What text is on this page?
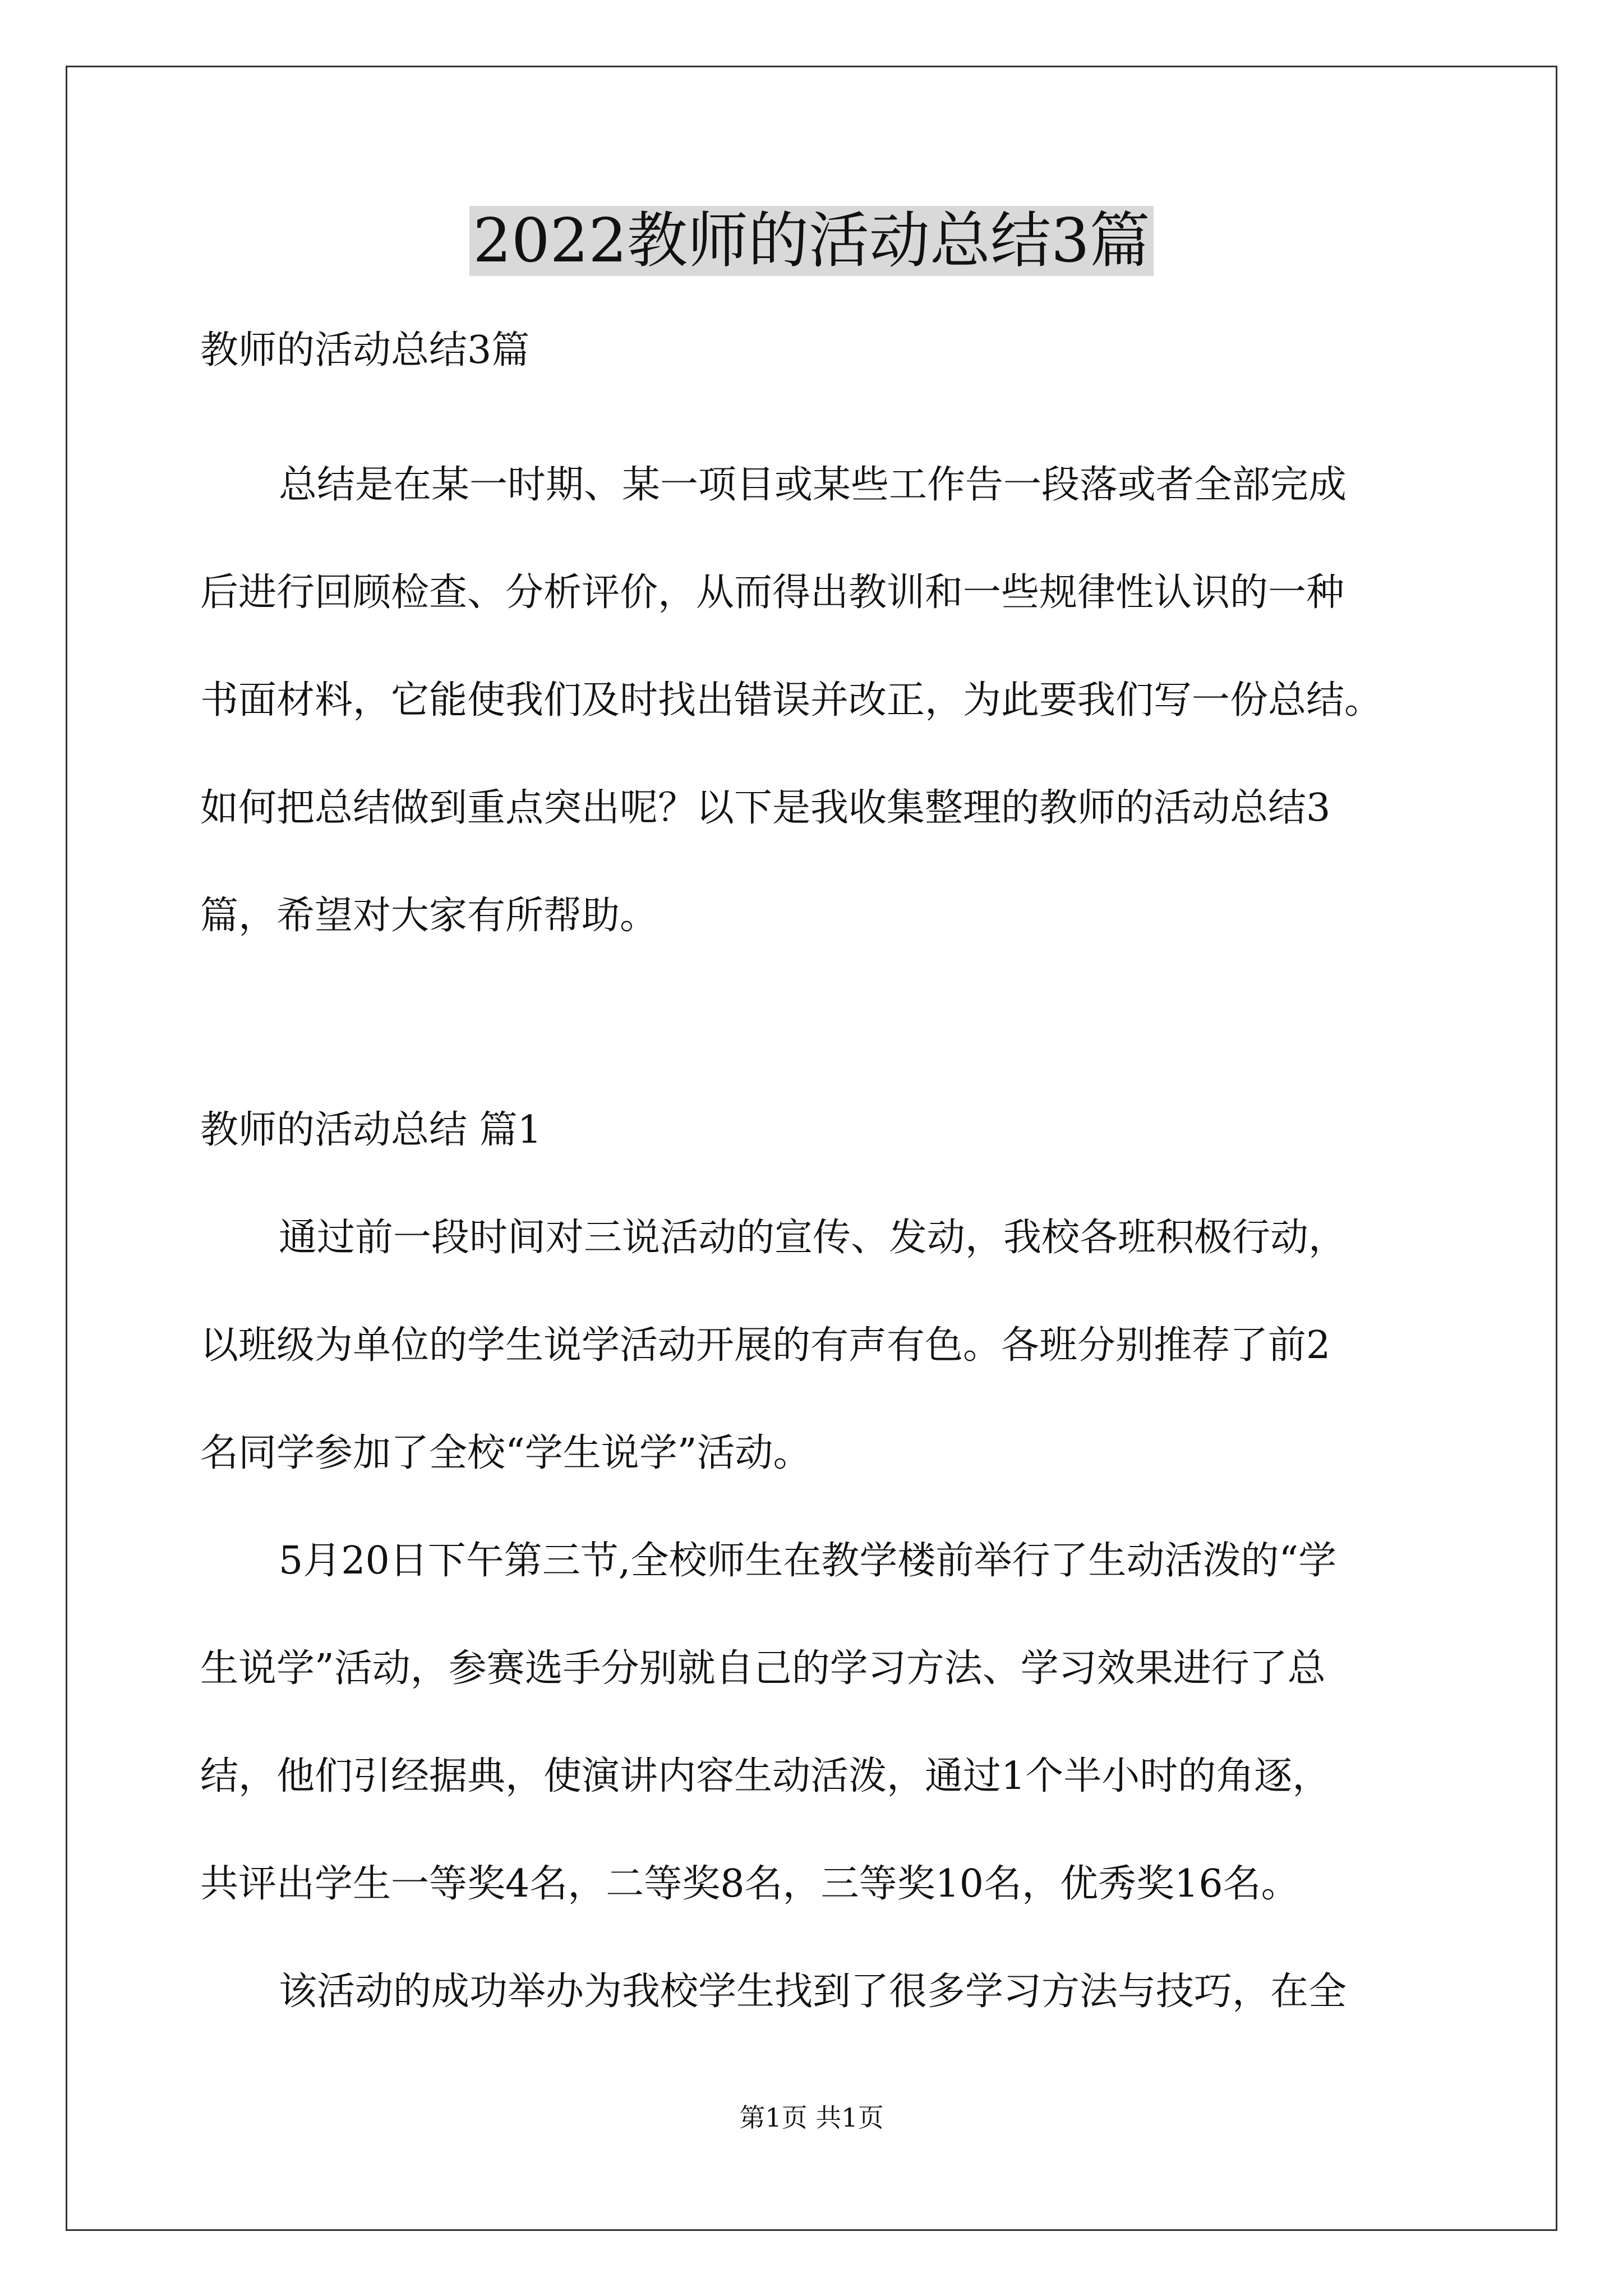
2022教师的活动总结3篇
教师的活动总结3篇
总结是在某一时期、某一项目或某些工作告一段落或者全部完成
后进行回顾检查、分析评价，从而得出教训和一些规律性认识的一种
书面材料，它能使我们及时找出错误并改正，为此要我们写一份总结。
如何把总结做到重点突出呢？以下是我收集整理的教师的活动总结3
篇，希望对大家有所帮助。
教师的活动总结 篇1
通过前一段时间对三说活动的宣传、发动，我校各班积极行动，
以班级为单位的学生说学活动开展的有声有色。各班分别推荐了前2
名同学参加了全校“学生说学”活动。
5月20日下午第三节,全校师生在教学楼前举行了生动活泼的“学
生说学”活动，参赛选手分别就自己的学习方法、学习效果进行了总
结，他们引经据典，使演讲内容生动活泼，通过1个半小时的角逐，
共评出学生一等奖4名，二等奖8名，三等奖10名，优秀奖16名。
该活动的成功举办为我校学生找到了很多学习方法与技巧，在全
第1页 共1页
